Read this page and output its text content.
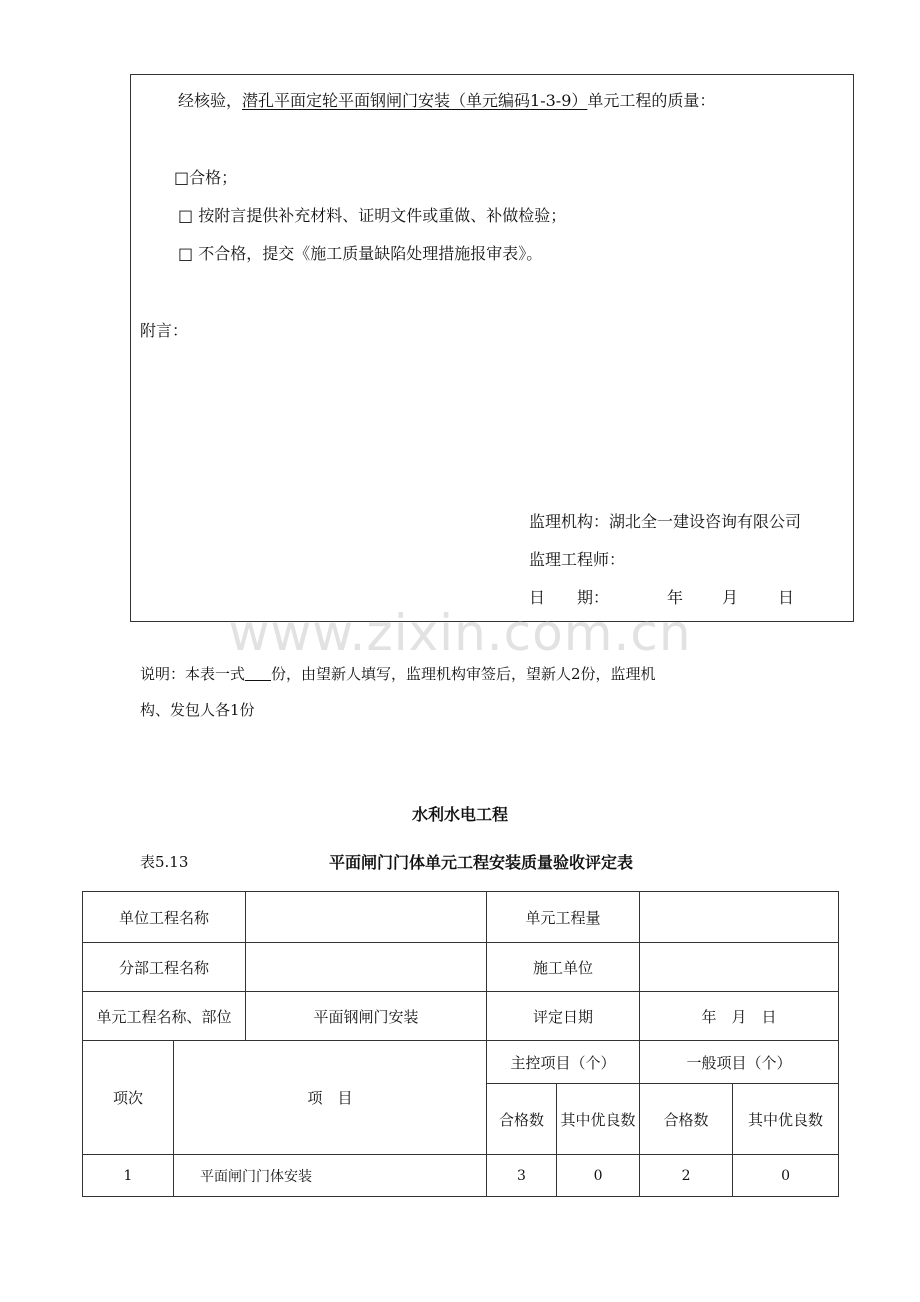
经核验，潜孔平面定轮平面钢闸门安装（单元编码1-3-9）单元工程的质量：
□合格；
□ 按附言提供补充材料、证明文件或重做、补做检验；
□ 不合格，提交《施工质量缺陷处理措施报审表》。
附言：
监理机构：湖北全一建设咨询有限公司
监理工程师：
日　　期：	年 月 日
www.zixin.com.cn
说明：本表一式 份，由望新人填写，监理机构审签后，望新人2份，监理机
构、发包人各1份
水利水电工程
表5.13	平面闸门门体单元工程安装质量验收评定表
单位工程名称			单元工程量			
分部工程名称			施工单位			
单元工程名称、部位		平面钢闸门安装	评定日期		年　月　日	
项次	项　目		主控项目（个）		一般项目（个）	
			合格数	其中优良数	合格数	其中优良数
1	平面闸门门体安装		3	0	2	0
